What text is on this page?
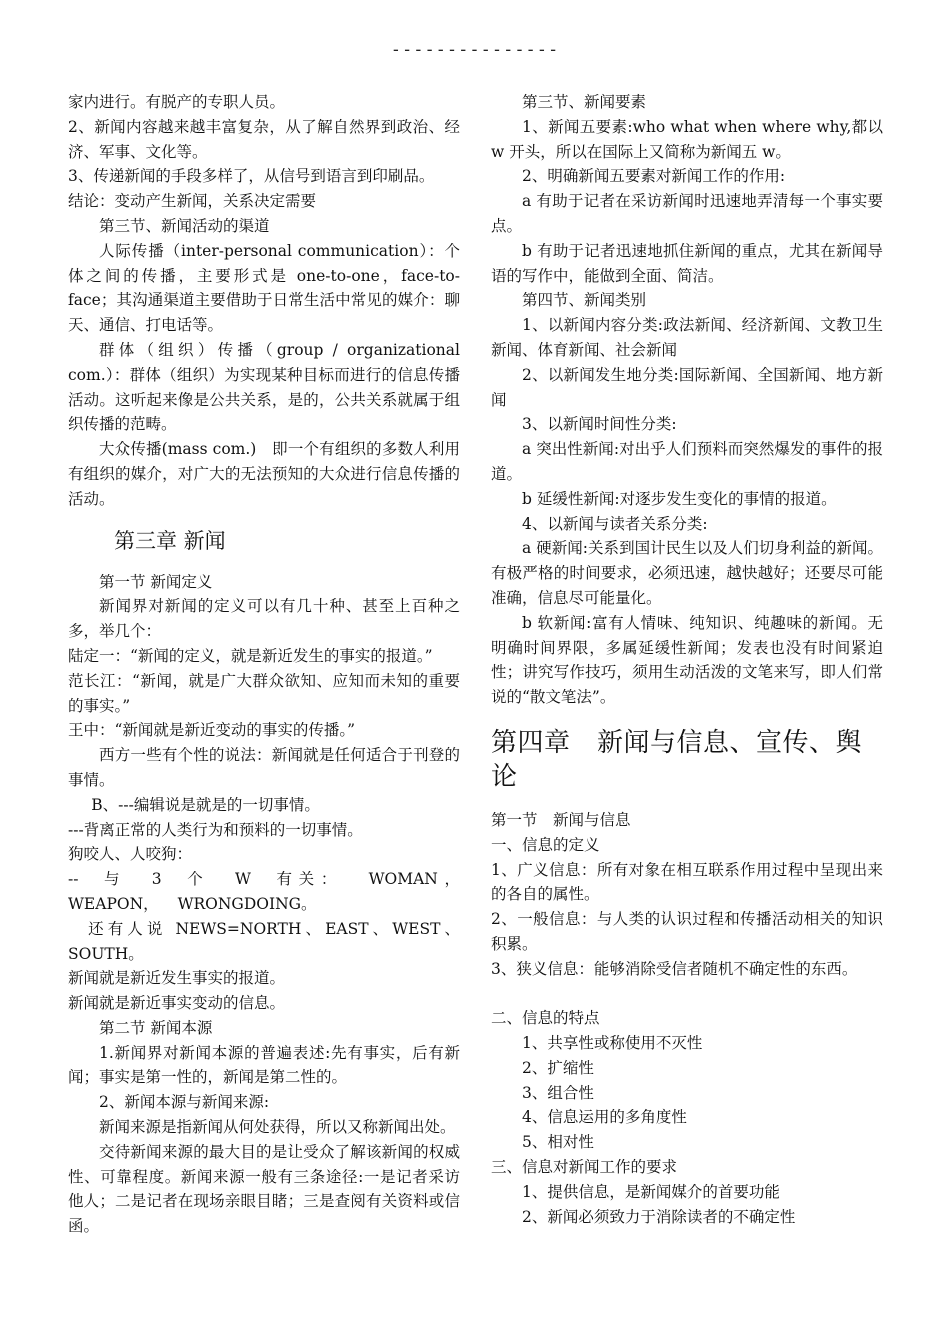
---------------

家内进行。有脱产的专职人员。

2、新闻内容越来越丰富复杂，从了解自然界到政治、经济、军事、文化等。

3、传递新闻的手段多样了，从信号到语言到印刷品。

结论：变动产生新闻，关系决定需要

第三节、新闻活动的渠道

人际传播（inter-personal communication）：个体之间的传播，主要形式是 one-to-one，face-to-face；其沟通渠道主要借助于日常生活中常见的媒介：聊天、通信、打电话等。

群体（组织）传播（group / organizational com.）：群体（组织）为实现某种目标而进行的信息传播活动。这听起来像是公共关系，是的，公共关系就属于组织传播的范畴。

大众传播(mass com.)　即一个有组织的多数人利用有组织的媒介，对广大的无法预知的大众进行信息传播的活动。

第三章 新闻

第一节 新闻定义

新闻界对新闻的定义可以有几十种、甚至上百种之多，举几个：

陆定一：“新闻的定义，就是新近发生的事实的报道。”

范长江：“新闻，就是广大群众欲知、应知而未知的重要的事实。”

王中：“新闻就是新近变动的事实的传播。”

西方一些有个性的说法：新闻就是任何适合于刊登的事情。

B、---编辑说是就是的一切事情。

---背离正常的人类行为和预料的一切事情。

狗咬人、人咬狗：

-- 与 3 个 W 有关： WOMAN， WEAPON， WRONGDOING。

还有人说 NEWS=NORTH、EAST、WEST、SOUTH。

新闻就是新近发生事实的报道。

新闻就是新近事实变动的信息。

第二节 新闻本源

1.新闻界对新闻本源的普遍表述:先有事实，后有新闻；事实是第一性的，新闻是第二性的。

2、新闻本源与新闻来源:

新闻来源是指新闻从何处获得，所以又称新闻出处。

交待新闻来源的最大目的是让受众了解该新闻的权威性、可靠程度。新闻来源一般有三条途径:一是记者采访他人；二是记者在现场亲眼目睹；三是查阅有关资料或信函。

第三节、新闻要素

1、新闻五要素:who what when where why,都以 w 开头，所以在国际上又简称为新闻五 w。

2、明确新闻五要素对新闻工作的作用:

a 有助于记者在采访新闻时迅速地弄清每一个事实要点。

b 有助于记者迅速地抓住新闻的重点，尤其在新闻导语的写作中，能做到全面、简洁。

第四节、新闻类别

1、以新闻内容分类:政法新闻、经济新闻、文教卫生新闻、体育新闻、社会新闻

2、以新闻发生地分类:国际新闻、全国新闻、地方新闻

3、以新闻时间性分类:

a 突出性新闻:对出乎人们预料而突然爆发的事件的报道。

b 延缓性新闻:对逐步发生变化的事情的报道。

4、以新闻与读者关系分类:

a 硬新闻:关系到国计民生以及人们切身利益的新闻。有极严格的时间要求，必须迅速，越快越好；还要尽可能准确，信息尽可能量化。

b 软新闻:富有人情味、纯知识、纯趣味的新闻。无明确时间界限，多属延缓性新闻；发表也没有时间紧迫性；讲究写作技巧，须用生动活泼的文笔来写，即人们常说的“散文笔法”。

第四章　新闻与信息、宣传、舆论

第一节　新闻与信息

一、信息的定义

1、广义信息：所有对象在相互联系作用过程中呈现出来的各自的属性。

2、一般信息：与人类的认识过程和传播活动相关的知识积累。

3、狭义信息：能够消除受信者随机不确定性的东西。

二、信息的特点

1、共享性或称使用不灭性

2、扩缩性

3、组合性

4、信息运用的多角度性

5、相对性

三、信息对新闻工作的要求

1、提供信息，是新闻媒介的首要功能

2、新闻必须致力于消除读者的不确定性
